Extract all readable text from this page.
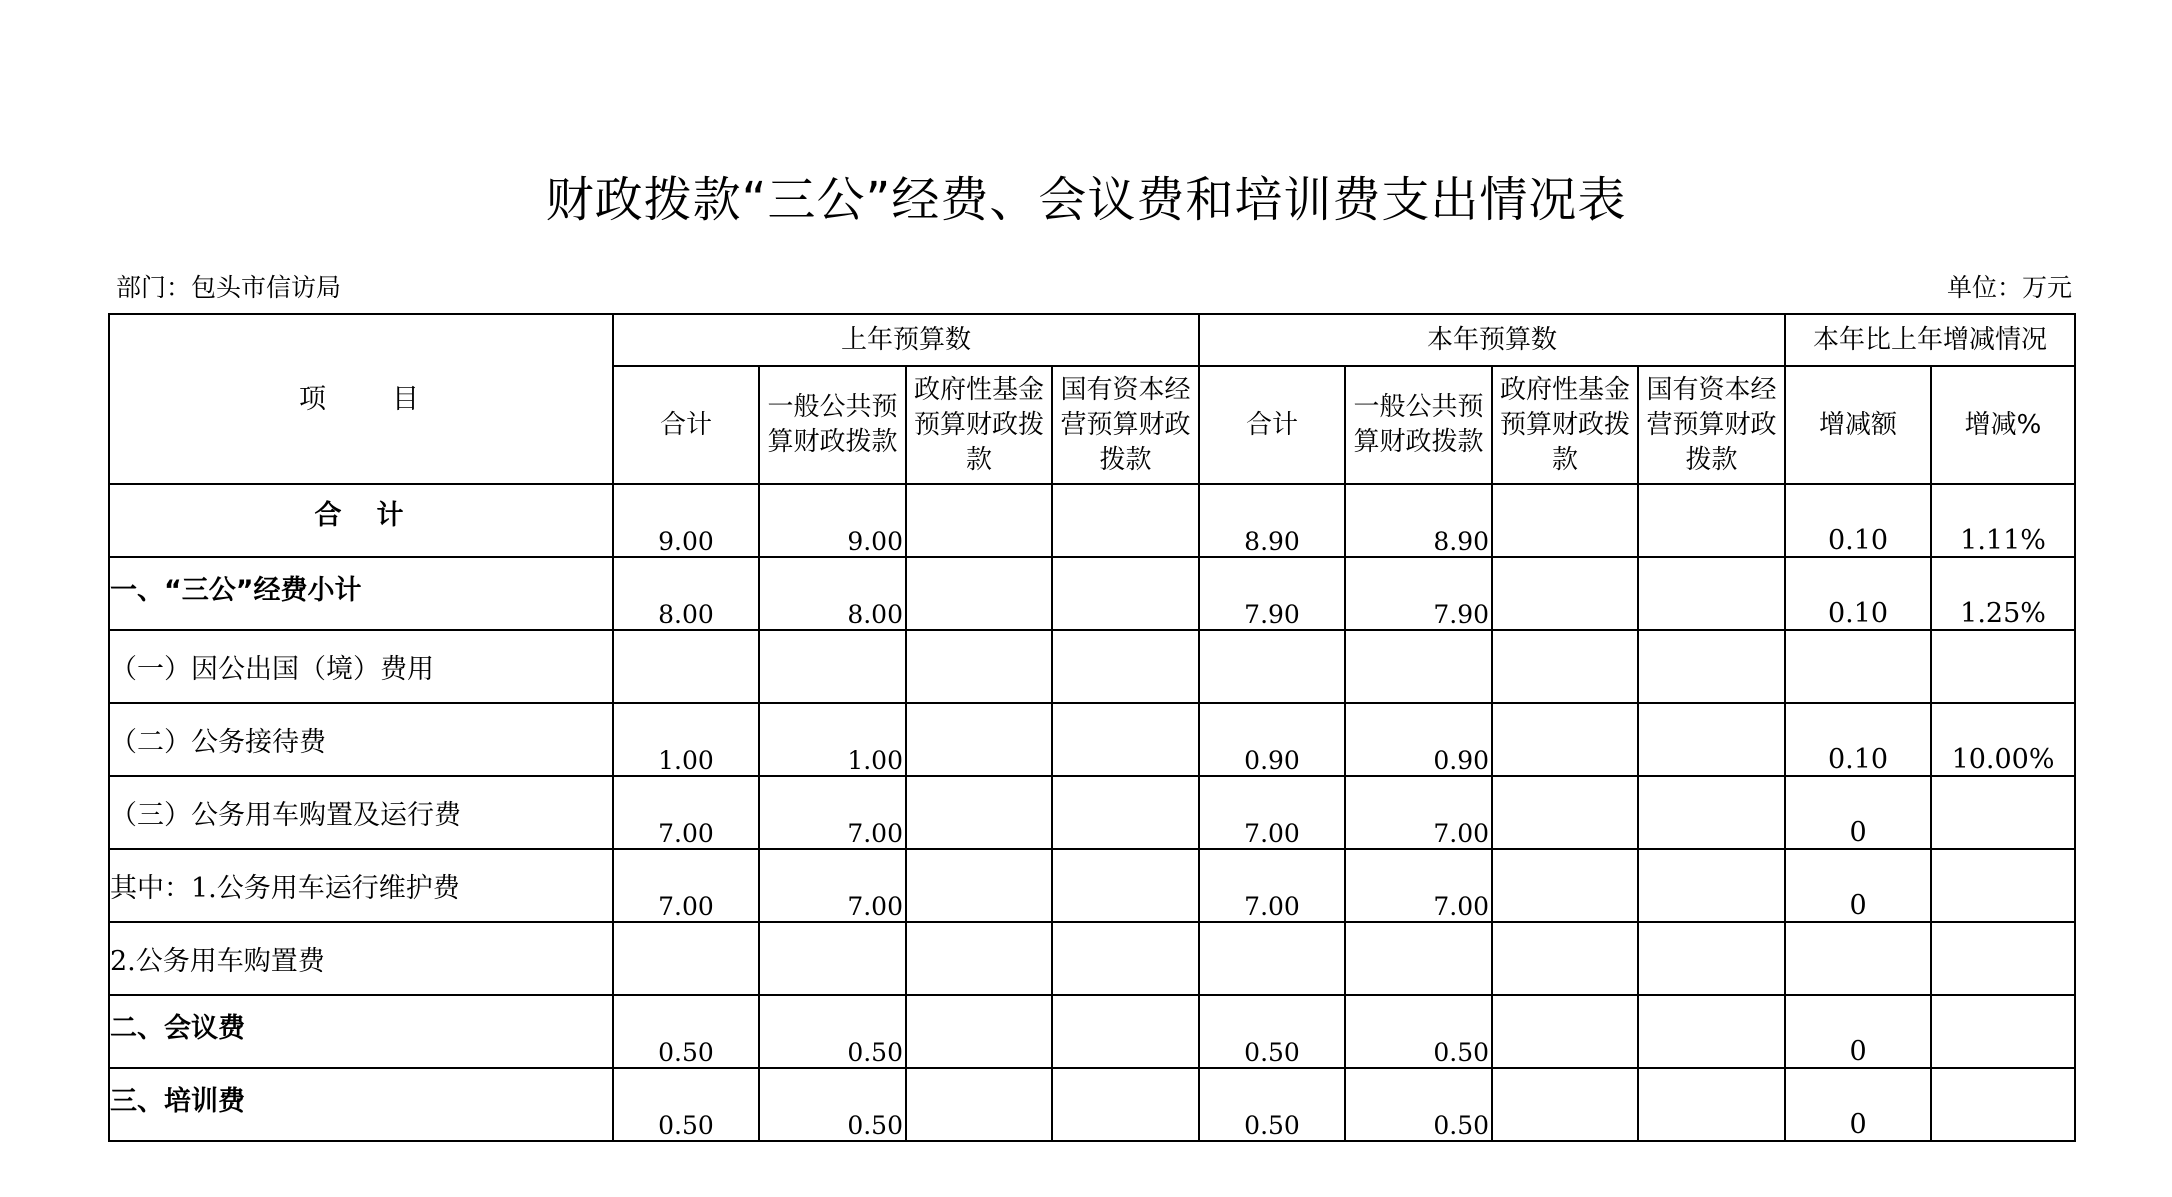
财政拨款“三公”经费、会议费和培训费支出情况表
部门：包头市信访局	单位：万元
项　　目	上年预算数				本年预算数				本年比上年增减情况	
	合计	一般公共预算财政拨款	政府性基金预算财政拨款	国有资本经营预算财政拨款	合计	一般公共预算财政拨款	政府性基金预算财政拨款	国有资本经营预算财政拨款	增减额	增减%
合　计	9.00	9.00			8.90	8.90			0.10	1.11%
一、“三公”经费小计	8.00	8.00			7.90	7.90			0.10	1.25%
（一）因公出国（境）费用										
（二）公务接待费	1.00	1.00			0.90	0.90			0.10	10.00%
（三）公务用车购置及运行费	7.00	7.00			7.00	7.00			0	
其中：1.公务用车运行维护费	7.00	7.00			7.00	7.00			0	
2.公务用车购置费										
二、会议费	0.50	0.50			0.50	0.50			0	
三、培训费	0.50	0.50			0.50	0.50			0	
